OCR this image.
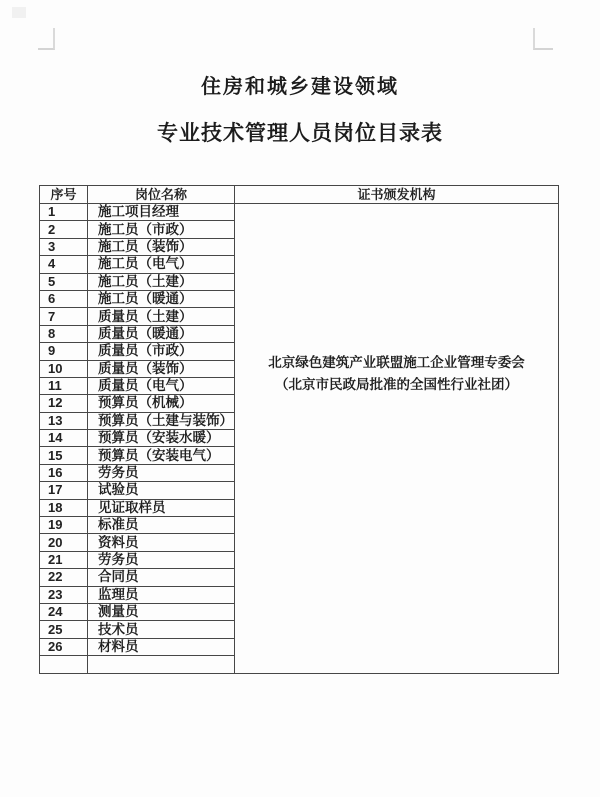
住房和城乡建设领域
专业技术管理人员岗位目录表
序号	岗位名称	证书颁发机构
1	施工项目经理	北京绿色建筑产业联盟施工企业管理专委会
（北京市民政局批准的全国性行业社团）

2	施工员（市政）	
3	施工员（装饰）	
4	施工员（电气）	
5	施工员（土建）	
6	施工员（暖通）	
7	质量员（土建）	
8	质量员（暖通）	
9	质量员（市政）	
10	质量员（装饰）	
11	质量员（电气）	
12	预算员（机械）	
13	预算员（土建与装饰）	
14	预算员（安装水暖）	
15	预算员（安装电气）	
16	劳务员	
17	试验员	
18	见证取样员	
19	标准员	
20	资料员	
21	劳务员	
22	合同员	
23	监理员	
24	测量员	
25	技术员	
26	材料员	
